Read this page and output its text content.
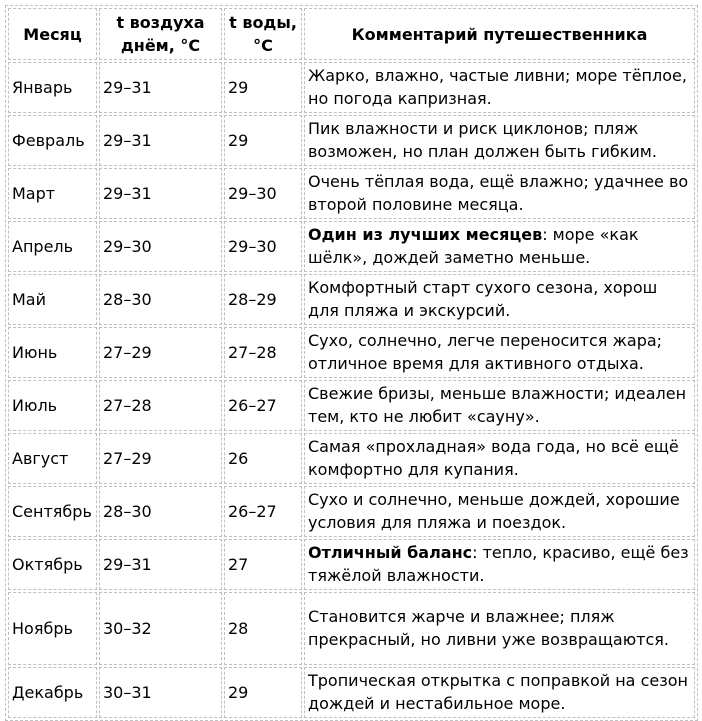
Месяц	t воздуха днём, °C	t воды, °C	Комментарий путешественника
Январь	29–31	29	Жарко, влажно, частые ливни; море тёплое, но погода капризная.
Февраль	29–31	29	Пик влажности и риск циклонов; пляж возможен, но план должен быть гибким.
Март	29–31	29–30	Очень тёплая вода, ещё влажно; удачнее во второй половине месяца.
Апрель	29–30	29–30	Один из лучших месяцев: море «как шёлк», дождей заметно меньше.
Май	28–30	28–29	Комфортный старт сухого сезона, хорош для пляжа и экскурсий.
Июнь	27–29	27–28	Сухо, солнечно, легче переносится жара; отличное время для активного отдыха.
Июль	27–28	26–27	Свежие бризы, меньше влажности; идеален тем, кто не любит «сауну».
Август	27–29	26	Самая «прохладная» вода года, но всё ещё комфортно для купания.
Сентябрь	28–30	26–27	Сухо и солнечно, меньше дождей, хорошие условия для пляжа и поездок.
Октябрь	29–31	27	Отличный баланс: тепло, красиво, ещё без тяжёлой влажности.
Ноябрь	30–32	28	Становится жарче и влажнее; пляж прекрасный, но ливни уже возвращаются.
Декабрь	30–31	29	Тропическая открытка с поправкой на сезон дождей и нестабильное море.
